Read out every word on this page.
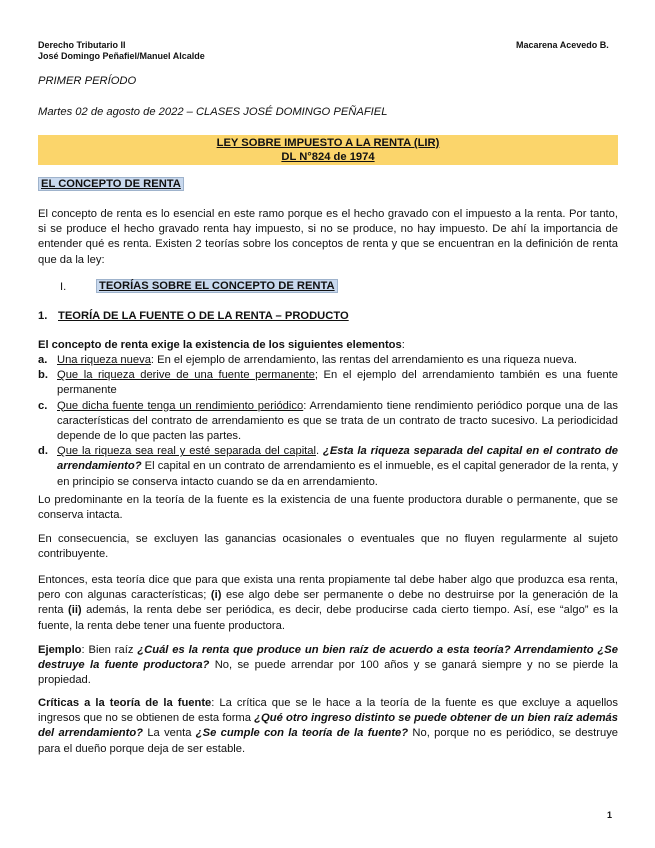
Derecho Tributario II
José Domingo Peñafiel/Manuel Alcalde
Macarena Acevedo B.
PRIMER PERÍODO
Martes 02 de agosto de 2022 – CLASES JOSÉ DOMINGO PEÑAFIEL
LEY SOBRE IMPUESTO A LA RENTA (LIR)
DL N°824 de 1974
EL CONCEPTO DE RENTA
El concepto de renta es lo esencial en este ramo porque es el hecho gravado con el impuesto a la renta. Por tanto, si se produce el hecho gravado renta hay impuesto, si no se produce, no hay impuesto. De ahí la importancia de entender qué es renta. Existen 2 teorías sobre los conceptos de renta y que se encuentran en la definición de renta que da la ley:
I.	TEORÍAS SOBRE EL CONCEPTO DE RENTA
1. TEORÍA DE LA FUENTE O DE LA RENTA – PRODUCTO
El concepto de renta exige la existencia de los siguientes elementos:
a. Una riqueza nueva: En el ejemplo de arrendamiento, las rentas del arrendamiento es una riqueza nueva.
b. Que la riqueza derive de una fuente permanente; En el ejemplo del arrendamiento también es una fuente permanente
c. Que dicha fuente tenga un rendimiento periódico: Arrendamiento tiene rendimiento periódico porque una de las características del contrato de arrendamiento es que se trata de un contrato de tracto sucesivo. La periodicidad depende de lo que pacten las partes.
d. Que la riqueza sea real y esté separada del capital. ¿Esta la riqueza separada del capital en el contrato de arrendamiento? El capital en un contrato de arrendamiento es el inmueble, es el capital generador de la renta, y en principio se conserva intacto cuando se da en arrendamiento.
Lo predominante en la teoría de la fuente es la existencia de una fuente productora durable o permanente, que se conserva intacta.
En consecuencia, se excluyen las ganancias ocasionales o eventuales que no fluyen regularmente al sujeto contribuyente.
Entonces, esta teoría dice que para que exista una renta propiamente tal debe haber algo que produzca esa renta, pero con algunas características; (i) ese algo debe ser permanente o debe no destruirse por la generación de la renta (ii) además, la renta debe ser periódica, es decir, debe producirse cada cierto tiempo. Así, ese “algo” es la fuente, la renta debe tener una fuente productora.
Ejemplo: Bien raíz ¿Cuál es la renta que produce un bien raíz de acuerdo a esta teoría? Arrendamiento ¿Se destruye la fuente productora? No, se puede arrendar por 100 años y se ganará siempre y no se pierde la propiedad.
Críticas a la teoría de la fuente: La crítica que se le hace a la teoría de la fuente es que excluye a aquellos ingresos que no se obtienen de esta forma ¿Qué otro ingreso distinto se puede obtener de un bien raíz además del arrendamiento? La venta ¿Se cumple con la teoría de la fuente? No, porque no es periódico, se destruye para el dueño porque deja de ser estable.
1
